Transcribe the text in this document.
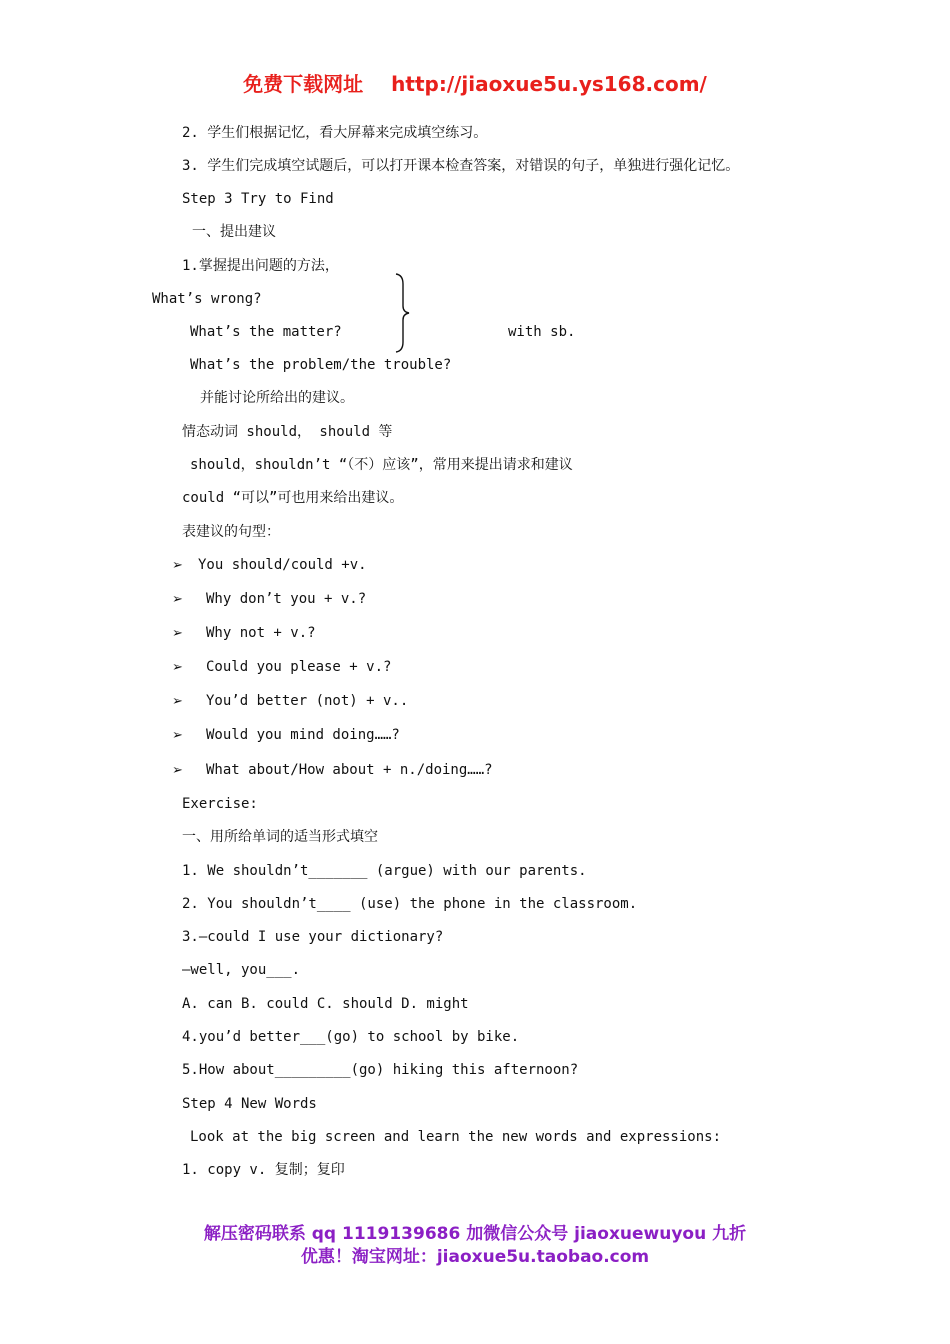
免费下载网址 http://jiaoxue5u.ys168.com/
2. 学生们根据记忆，看大屏幕来完成填空练习。
3. 学生们完成填空试题后，可以打开课本检查答案，对错误的句子，单独进行强化记忆。
Step 3 Try to Find
一、提出建议
1.掌握提出问题的方法，
What’s wrong?
What’s the matter?	with sb.
What’s the problem/the trouble?
并能讨论所给出的建议。
情态动词 should， should 等
should，shouldn’t “（不）应该”，常用来提出请求和建议
could “可以”可也用来给出建议。
表建议的句型：
➢ You should/could +v.
➢ Why don’t you + v.?
➢ Why not + v.?
➢ Could you please + v.?
➢ You’d better (not) + v..
➢ Would you mind doing……?
➢ What about/How about + n./doing……?
Exercise:
一、用所给单词的适当形式填空
1. We shouldn’t_______ (argue) with our parents.
2. You shouldn’t____ (use) the phone in the classroom.
3.—could I use your dictionary?
—well, you___.
A. can B. could C. should D. might
4.you’d better___(go) to school by bike.
5.How about_________(go) hiking this afternoon?
Step 4 New Words
Look at the big screen and learn the new words and expressions:
1. copy v. 复制；复印
解压密码联系 qq 1119139686 加微信公众号 jiaoxuewuyou 九折
优惠！淘宝网址：jiaoxue5u.taobao.com
